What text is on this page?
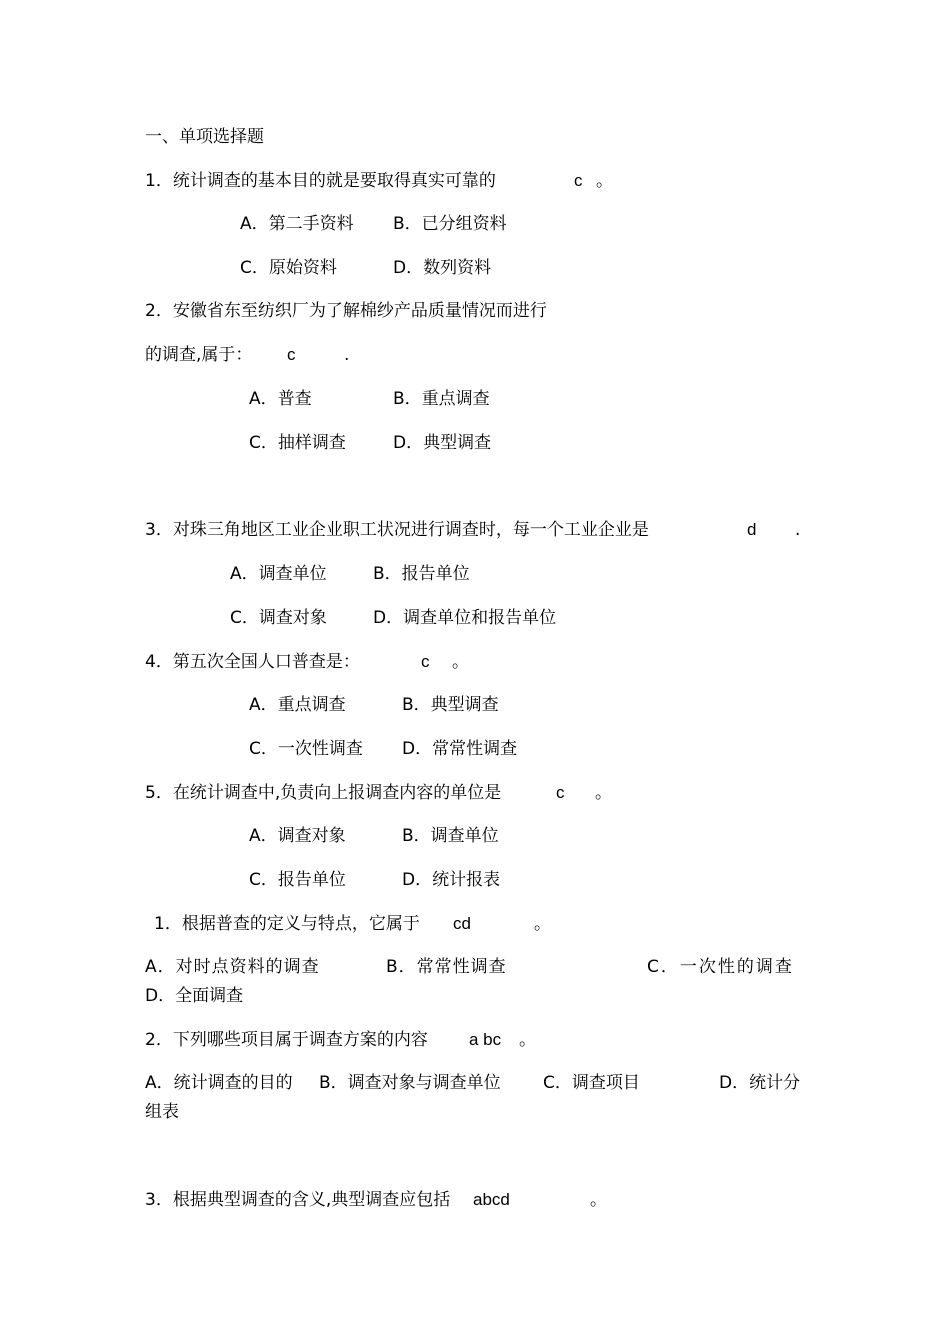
一、单项选择题
1．统计调查的基本目的就是要取得真实可靠的	c 。
A．第二手资料 B．已分组资料
C．原始资料	D．数列资料
2．安徽省东至纺织厂为了解棉纱产品质量情况而进行
的调查,属于： c	.
A．普查	B．重点调查
C．抽样调查	D．典型调查
3．对珠三角地区工业企业职工状况进行调查时，每一个工业企业是	d .
A．调查单位	B．报告单位
C．调查对象	D．调查单位和报告单位
4．第五次全国人口普查是：	c 。
A．重点调查	B．典型调查
C．一次性调查 D．常常性调查
5．在统计调查中,负责向上报调查内容的单位是	c 。
A．调查对象	B．调查单位
C．报告单位	D．统计报表
1．根据普查的定义与特点，它属于 cd	。
A．对时点资料的调查	B．常常性调查	C．一次性的调查
D．全面调查
2．下列哪些项目属于调查方案的内容 a bc 。
A．统计调查的目的 B．调查对象与调查单位 C．调查项目	D．统计分
组表
3．根据典型调查的含义,典型调查应包括 abcd	。
